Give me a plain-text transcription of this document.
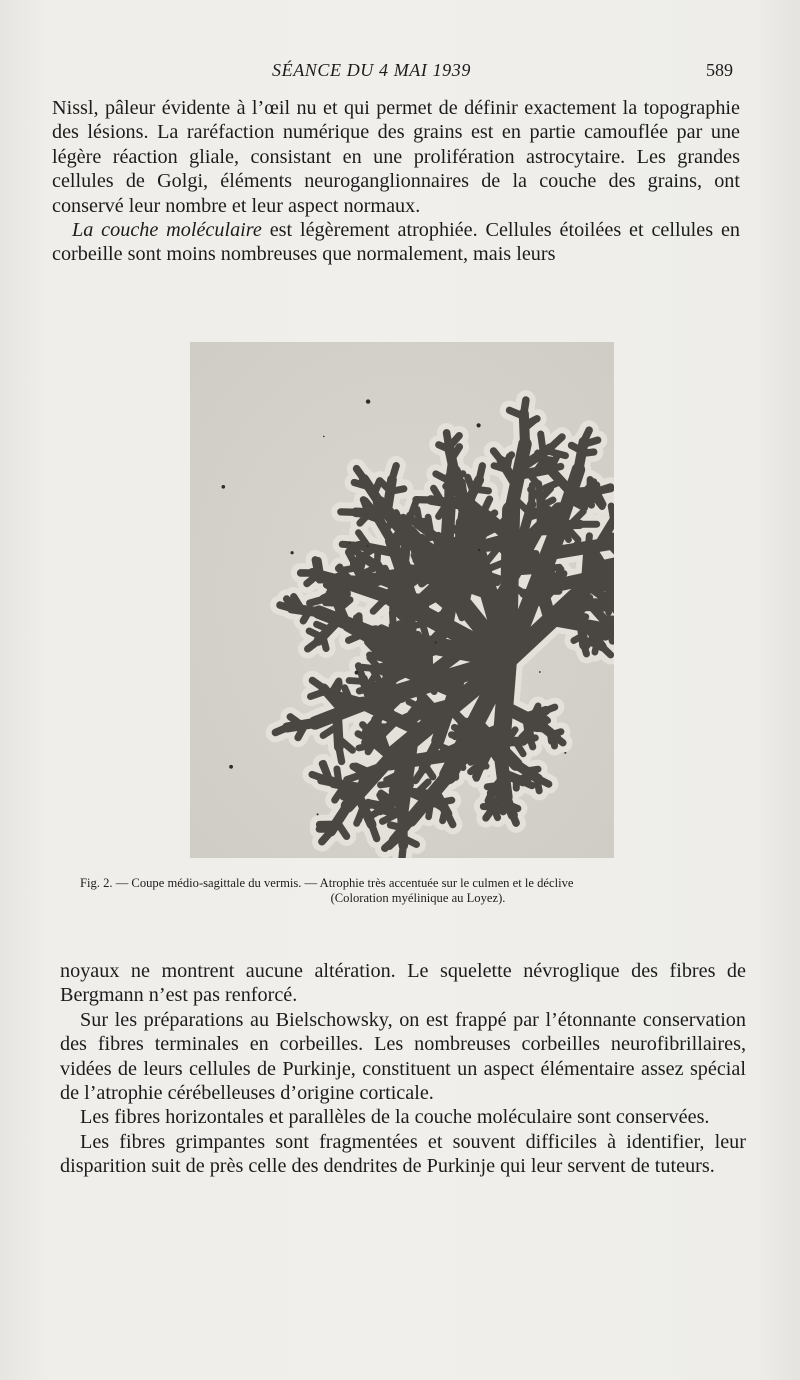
SÉANCE DU 4 MAI 1939	589

Nissl, pâleur évidente à l’œil nu et qui permet de définir exactement la topographie des lésions. La raréfaction numérique des grains est en partie camouflée par une légère réaction gliale, consistant en une prolifération astrocytaire. Les grandes cellules de Golgi, éléments neuroganglionnaires de la couche des grains, ont conservé leur nombre et leur aspect normaux.

La couche moléculaire est légèrement atrophiée. Cellules étoilées et cellules en corbeille sont moins nombreuses que normalement, mais leurs

Fig. 2. — Coupe médio-sagittale du vermis. — Atrophie très accentuée sur le culmen et le déclive
(Coloration myélinique au Loyez).

noyaux ne montrent aucune altération. Le squelette névroglique des fibres de Bergmann n’est pas renforcé.

Sur les préparations au Bielschowsky, on est frappé par l’étonnante conservation des fibres terminales en corbeilles. Les nombreuses corbeilles neurofibrillaires, vidées de leurs cellules de Purkinje, constituent un aspect élémentaire assez spécial de l’atrophie cérébelleuses d’origine corticale.

Les fibres horizontales et parallèles de la couche moléculaire sont conservées.

Les fibres grimpantes sont fragmentées et souvent difficiles à identifier, leur disparition suit de près celle des dendrites de Purkinje qui leur servent de tuteurs.
